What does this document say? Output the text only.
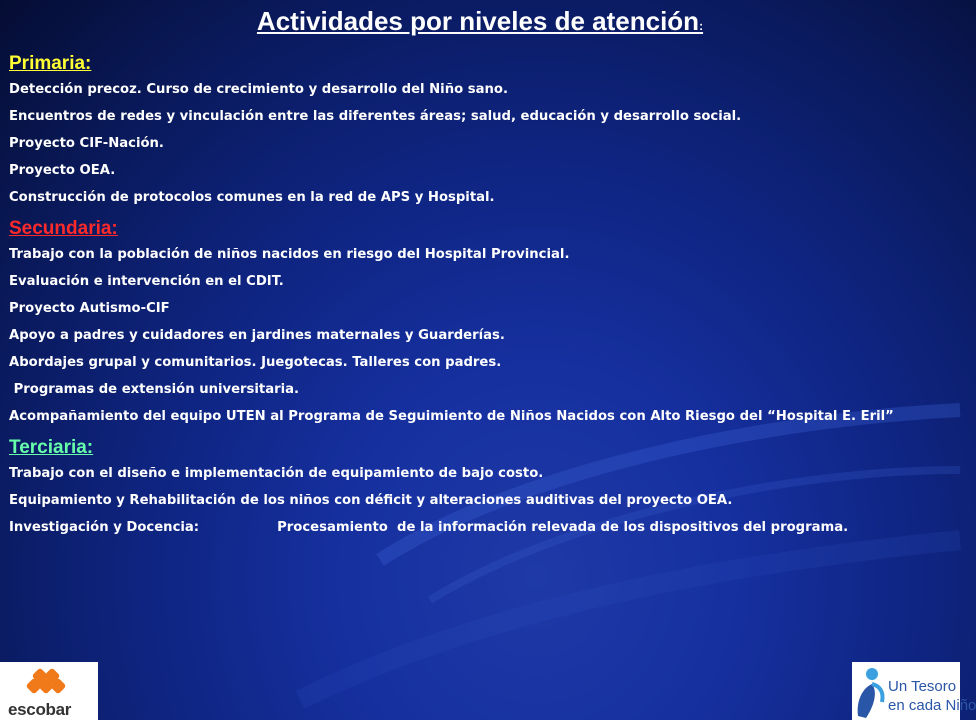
Actividades por niveles de atención:
Primaria:
Detección precoz. Curso de crecimiento y desarrollo del Niño sano.
Encuentros de redes y vinculación entre las diferentes áreas; salud, educación y desarrollo social.
Proyecto CIF-Nación.
Proyecto OEA.
Construcción de protocolos comunes en la red de APS y Hospital.
Secundaria:
Trabajo con la población de niños nacidos en riesgo del Hospital Provincial.
Evaluación e intervención en el CDIT.
Proyecto Autismo-CIF
Apoyo a padres y cuidadores en jardines maternales y Guarderías.
Abordajes grupal y comunitarios. Juegotecas. Talleres con padres.
Programas de extensión universitaria.
Acompañamiento del equipo UTEN al Programa de Seguimiento de Niños Nacidos con Alto Riesgo del “Hospital E. Eril”
Terciaria:
Trabajo con el diseño e implementación de equipamiento de bajo costo.
Equipamiento y Rehabilitación de los niños con déficit y alteraciones auditivas del proyecto OEA.
Investigación y Docencia:                 Procesamiento  de la información relevada de los dispositivos del programa.
escobar
Un Tesoro
en cada Niño
